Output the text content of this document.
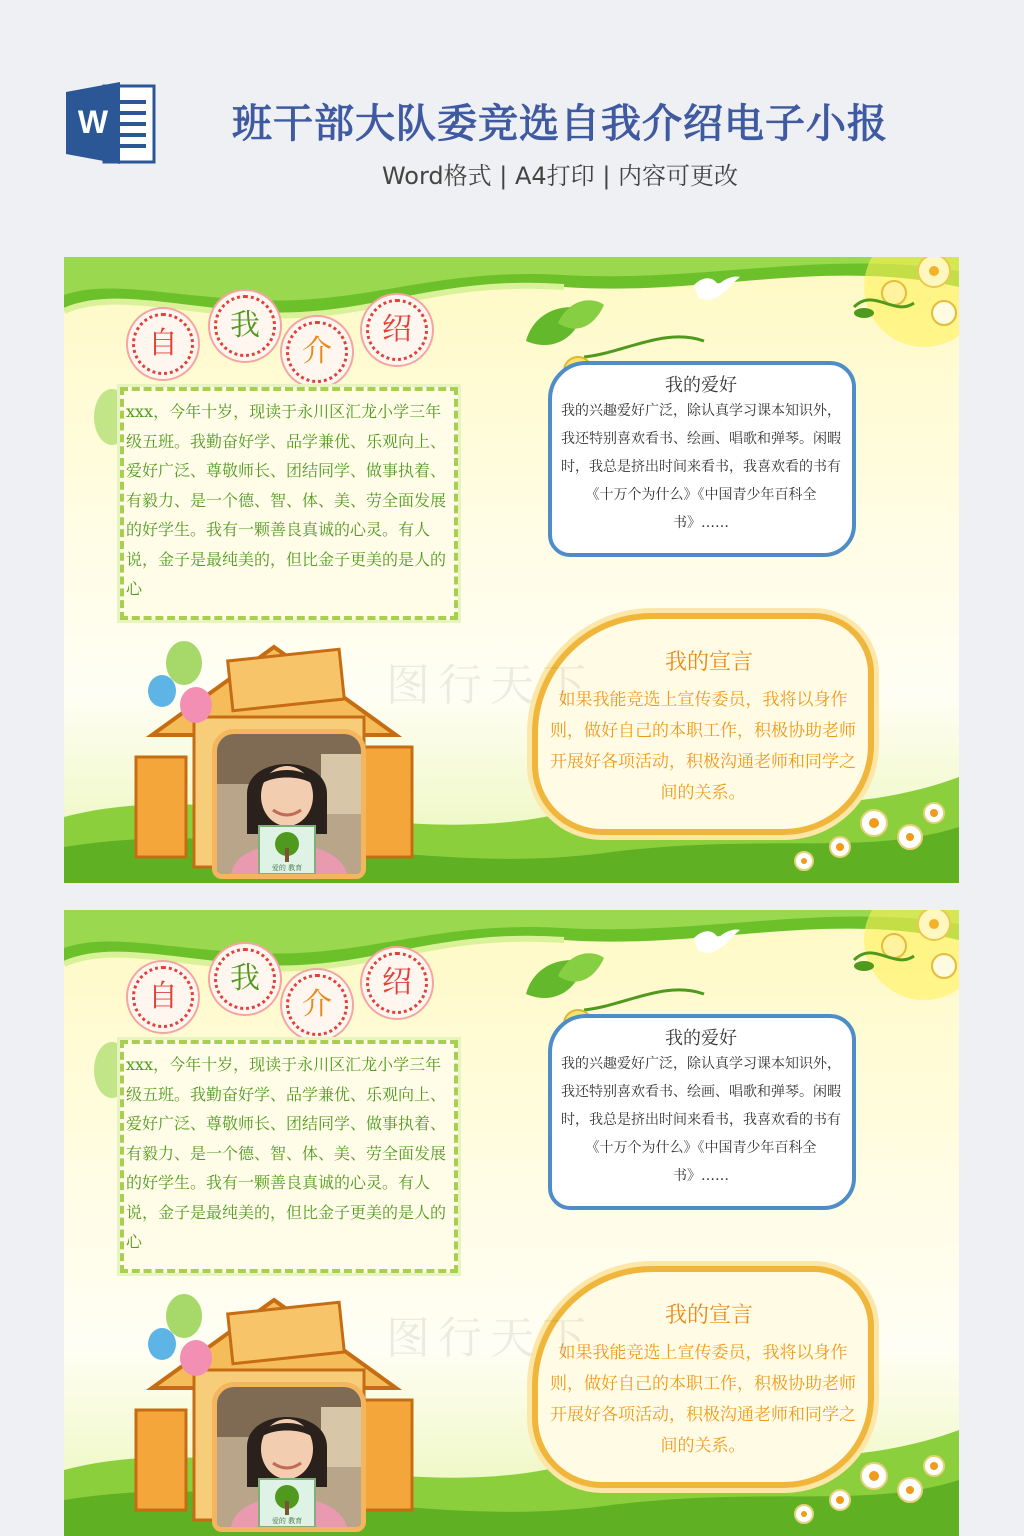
W	班干部大队委竞选自我介绍电子小报
Word格式 | A4打印 | 内容可更改
自
我
介
绍
xxx，今年十岁，现读于永川区汇龙小学三年级五班。我勤奋好学、品学兼优、乐观向上、爱好广泛、尊敬师长、团结同学、做事执着、有毅力、是一个德、智、体、美、劳全面发展的好学生。我有一颗善良真诚的心灵。有人说，金子是最纯美的，但比金子更美的是人的心
我的爱好
我的兴趣爱好广泛，除认真学习课本知识外，我还特别喜欢看书、绘画、唱歌和弹琴。闲暇时，我总是挤出时间来看书，我喜欢看的书有《十万个为什么》《中国青少年百科全书》……
我的宣言
如果我能竞选上宣传委员，我将以身作则，做好自己的本职工作，积极协助老师开展好各项活动，积极沟通老师和同学之间的关系。
图行天下
爱的 教育
自
我
介
绍
xxx，今年十岁，现读于永川区汇龙小学三年级五班。我勤奋好学、品学兼优、乐观向上、爱好广泛、尊敬师长、团结同学、做事执着、有毅力、是一个德、智、体、美、劳全面发展的好学生。我有一颗善良真诚的心灵。有人说，金子是最纯美的，但比金子更美的是人的心
我的爱好
我的兴趣爱好广泛，除认真学习课本知识外，我还特别喜欢看书、绘画、唱歌和弹琴。闲暇时，我总是挤出时间来看书，我喜欢看的书有《十万个为什么》《中国青少年百科全书》……
我的宣言
如果我能竞选上宣传委员，我将以身作则，做好自己的本职工作，积极协助老师开展好各项活动，积极沟通老师和同学之间的关系。
图行天下
爱的 教育
